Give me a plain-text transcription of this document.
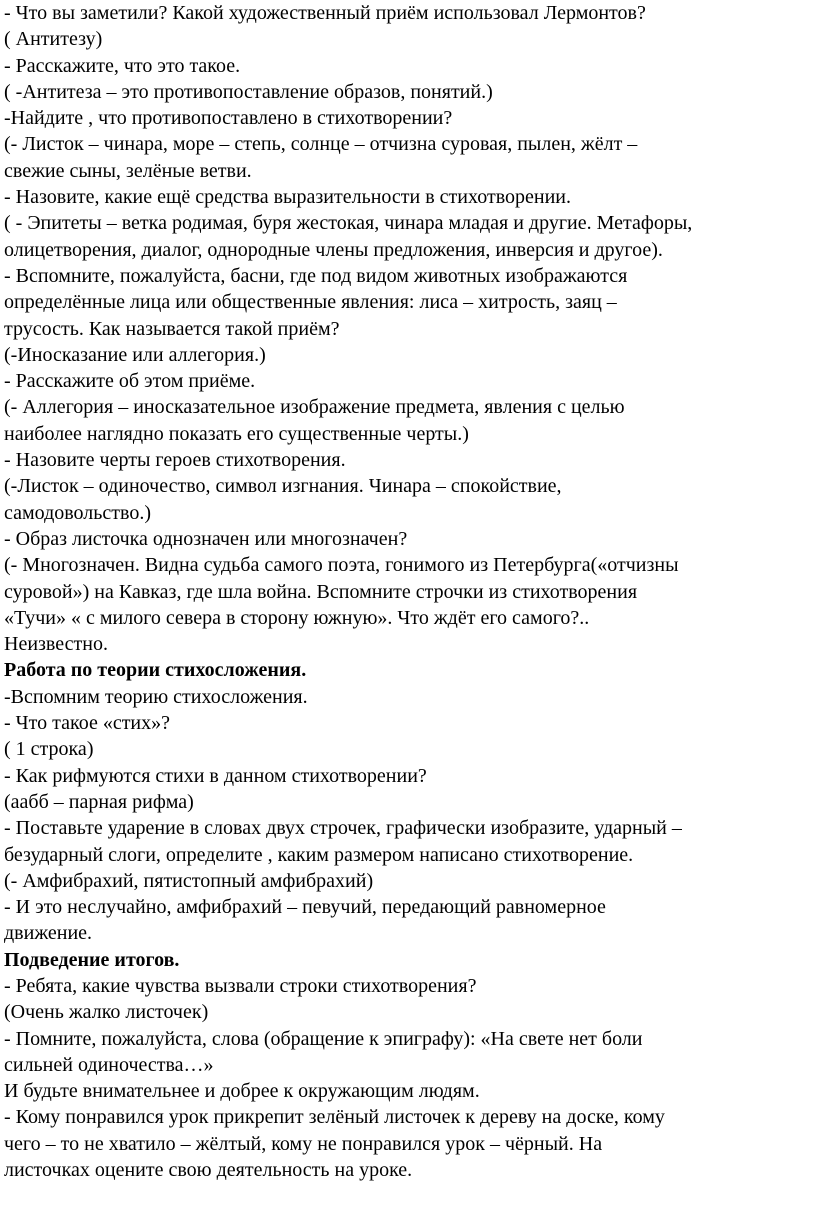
- Что вы заметили? Какой художественный приём использовал Лермонтов?

( Антитезу)

- Расскажите, что это такое.

( -Антитеза – это противопоставление образов, понятий.)

-Найдите , что противопоставлено в стихотворении?

(- Листок – чинара, море – степь, солнце – отчизна суровая, пылен, жёлт –

свежие сыны, зелёные ветви.

- Назовите, какие ещё средства выразительности в стихотворении.

( - Эпитеты – ветка родимая, буря жестокая, чинара младая и другие. Метафоры,

олицетворения, диалог, однородные члены предложения, инверсия и другое).

- Вспомните, пожалуйста, басни, где под видом животных изображаются

определённые лица или общественные явления: лиса – хитрость, заяц –

трусость. Как называется такой приём?

(-Иносказание или аллегория.)

- Расскажите об этом приёме.

(- Аллегория – иносказательное изображение предмета, явления с целью

наиболее наглядно показать его существенные черты.)

- Назовите черты героев стихотворения.

(-Листок – одиночество, символ изгнания. Чинара – спокойствие,

самодовольство.)

- Образ листочка однозначен или многозначен?

(- Многозначен. Видна судьба самого поэта, гонимого из Петербурга(«отчизны

суровой») на Кавказ, где шла война. Вспомните строчки из стихотворения

«Тучи» « с милого севера в сторону южную». Что ждёт его самого?..

Неизвестно.

Работа по теории стихосложения.

-Вспомним теорию стихосложения.

- Что такое «стих»?

( 1 строка)

- Как рифмуются стихи в данном стихотворении?

(аабб – парная рифма)

- Поставьте ударение в словах двух строчек, графически изобразите, ударный –

безударный слоги, определите , каким размером написано стихотворение.

(- Амфибрахий, пятистопный амфибрахий)

- И это неслучайно, амфибрахий – певучий, передающий равномерное

движение.

Подведение итогов.

- Ребята, какие чувства вызвали строки стихотворения?

(Очень жалко листочек)

- Помните, пожалуйста, слова (обращение к эпиграфу): «На свете нет боли

сильней одиночества…»

И будьте внимательнее и добрее к окружающим людям.

- Кому понравился урок прикрепит зелёный листочек к дереву на доске, кому

чего – то не хватило – жёлтый, кому не понравился урок – чёрный. На

листочках оцените свою деятельность на уроке.
